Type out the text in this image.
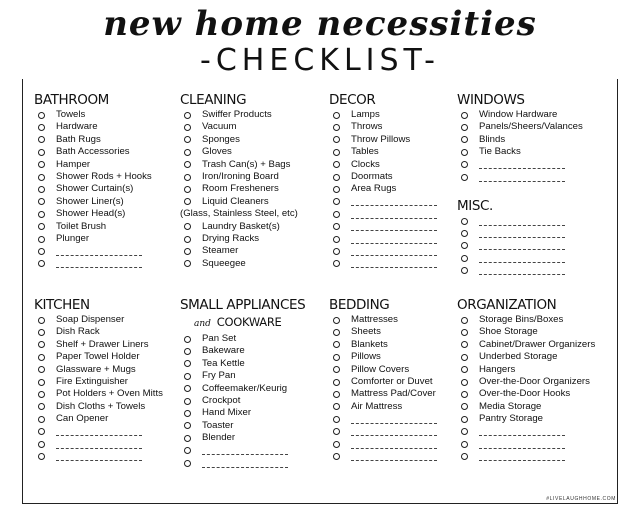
new home necessities
-CHECKLIST-
BATHROOM
Towels
Hardware
Bath Rugs
Bath Accessories
Hamper
Shower Rods + Hooks
Shower Curtain(s)
Shower Liner(s)
Shower Head(s)
Toilet Brush
Plunger
CLEANING
Swiffer Products
Vacuum
Sponges
Gloves
Trash Can(s) + Bags
Iron/Ironing Board
Room Fresheners
Liquid Cleaners
(Glass, Stainless Steel, etc)
Laundry Basket(s)
Drying Racks
Steamer
Squeegee
DECOR
Lamps
Throws
Throw Pillows
Tables
Clocks
Doormats
Area Rugs
WINDOWS
Window Hardware
Panels/Sheers/Valances
Blinds
Tie Backs
MISC.
KITCHEN
Soap Dispenser
Dish Rack
Shelf + Drawer Liners
Paper Towel Holder
Glassware + Mugs
Fire Extinguisher
Pot Holders + Oven Mitts
Dish Cloths + Towels
Can Opener
SMALL APPLIANCES
and COOKWARE
Pan Set
Bakeware
Tea Kettle
Fry Pan
Coffeemaker/Keurig
Crockpot
Hand Mixer
Toaster
Blender
BEDDING
Mattresses
Sheets
Blankets
Pillows
Pillow Covers
Comforter or Duvet
Mattress Pad/Cover
Air Mattress
ORGANIZATION
Storage Bins/Boxes
Shoe Storage
Cabinet/Drawer Organizers
Underbed Storage
Hangers
Over-the-Door Organizers
Over-the-Door Hooks
Media Storage
Pantry Storage
#LIVELAUGHHOME.COM
